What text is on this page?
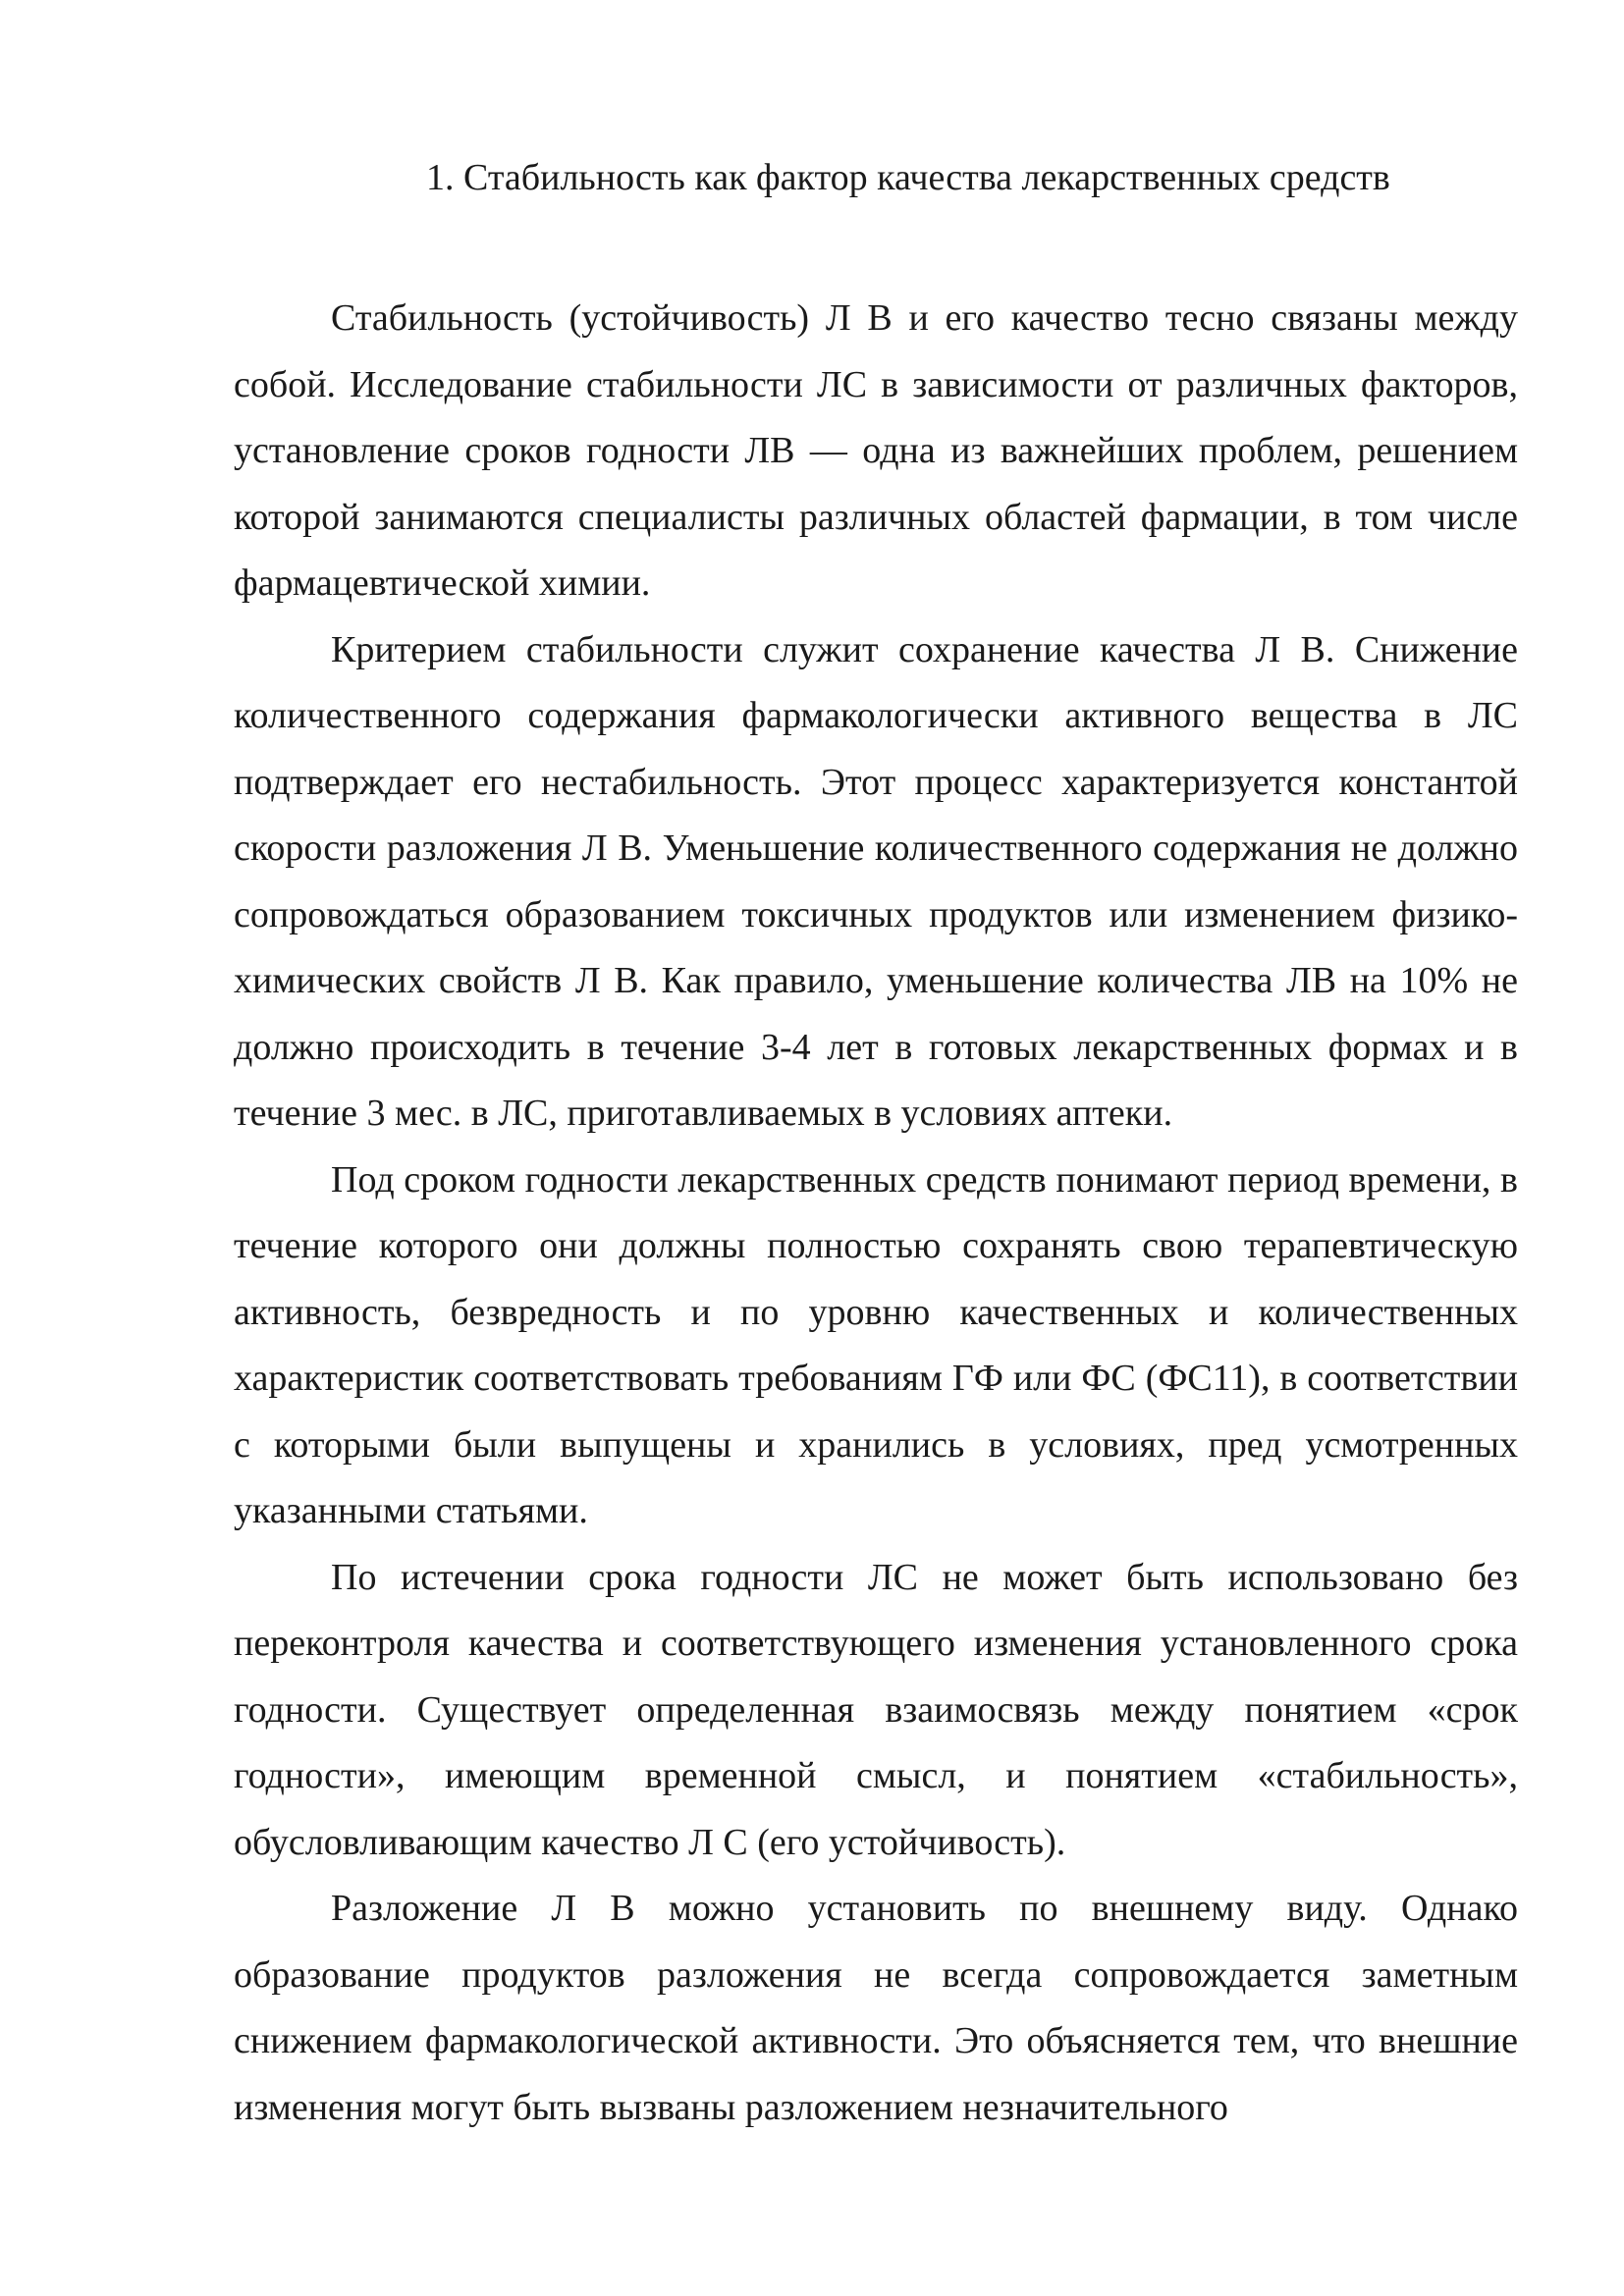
1. Стабильность как фактор качества лекарственных средств

Стабильность (устойчивость) Л В и его качество тесно связаны между собой. Исследование стабильности ЛС в зависимости от различных факторов, установление сроков годности ЛВ — одна из важнейших проблем, решением которой занимаются специалисты различных областей фармации, в том числе фармацевтической химии.

Критерием стабильности служит сохранение качества Л В. Снижение количественного содержания фармакологически активного вещества в ЛС подтверждает его нестабильность. Этот процесс характеризуется константой скорости разложения Л В. Уменьшение количественного содержания не должно сопровождаться образованием токсичных продуктов или изменением физико-химических свойств Л В. Как правило, уменьшение количества ЛВ на 10% не должно происходить в течение 3-4 лет в готовых лекарственных формах и в течение 3 мес. в ЛС, приготавливаемых в условиях аптеки.

Под сроком годности лекарственных средств понимают период времени, в течение которого они должны полностью сохранять свою терапевтическую активность, безвредность и по уровню качественных и количественных характеристик соответствовать требованиям ГФ или ФС (ФС11), в соответствии с которыми были выпущены и хранились в условиях, пред усмотренных указанными статьями.

По истечении срока годности ЛС не может быть использовано без переконтроля качества и соответствующего изменения установленного срока годности. Существует определенная взаимосвязь между понятием «срок годности», имеющим временной смысл, и понятием «стабильность», обусловливающим качество Л С (его устойчивость).

Разложение Л В можно установить по внешнему виду. Однако образование продуктов разложения не всегда сопровождается заметным снижением фармакологической активности. Это объясняется тем, что внешние изменения могут быть вызваны разложением незначительного
